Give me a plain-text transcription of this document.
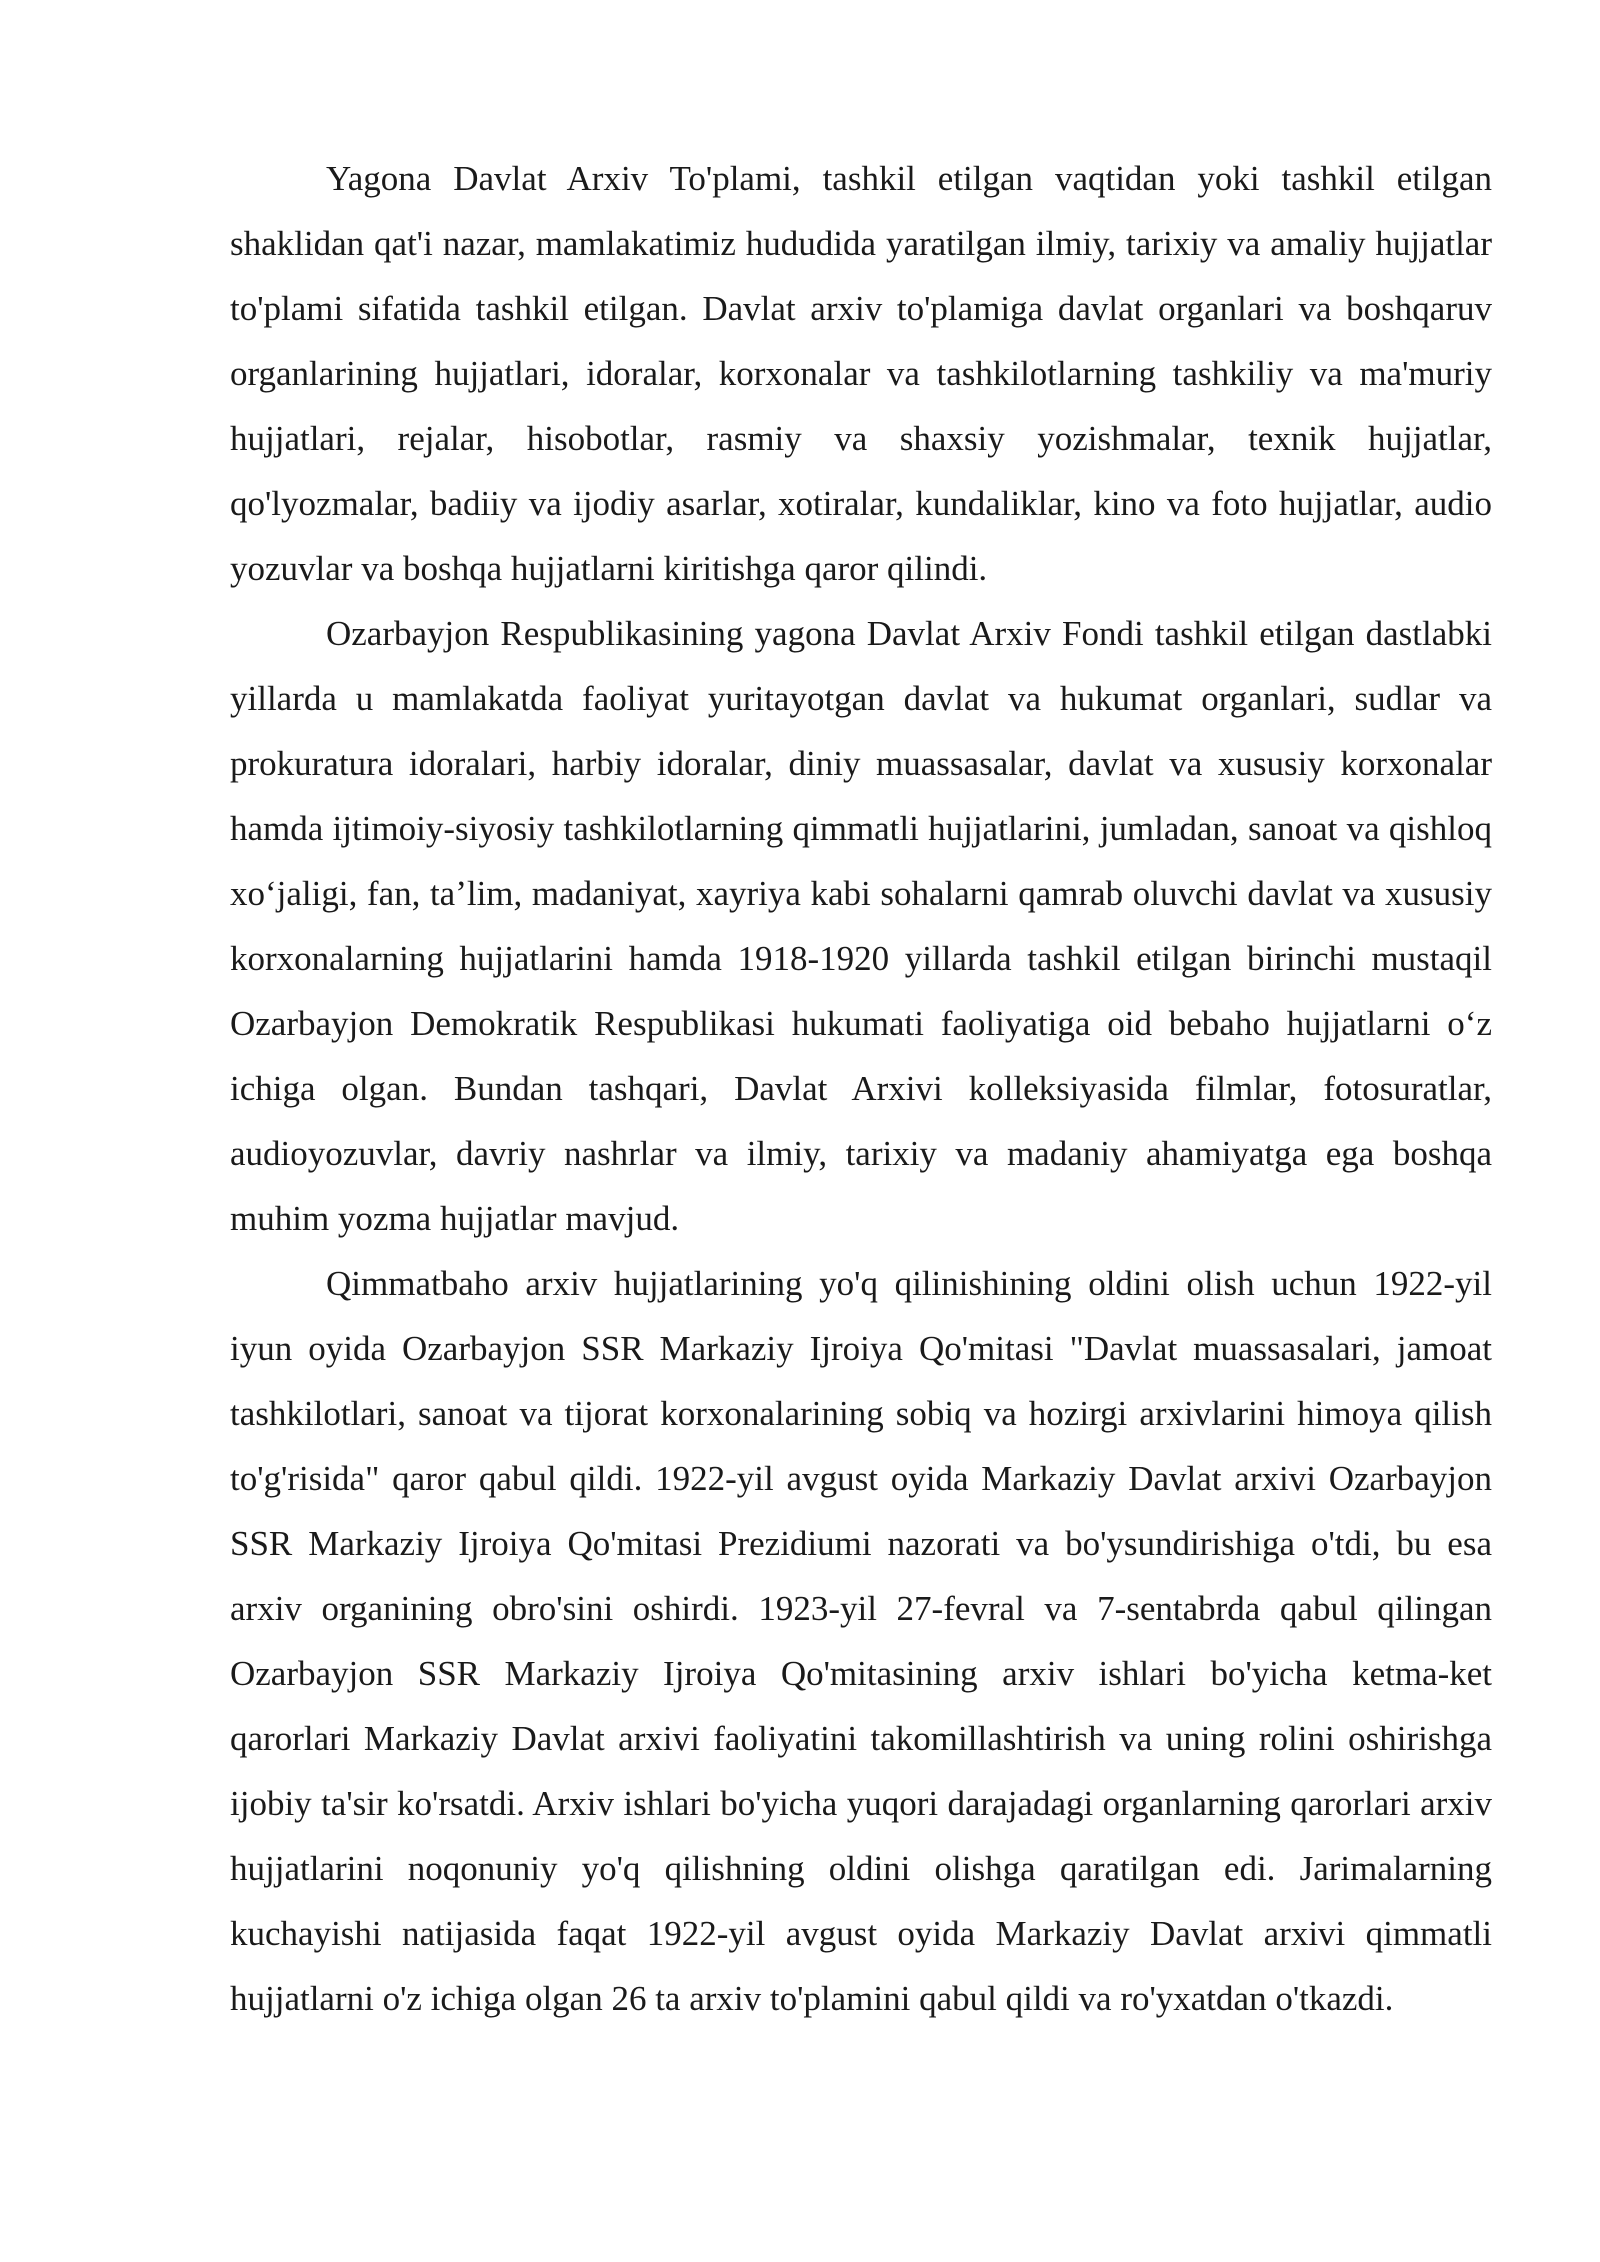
Yagona Davlat Arxiv To'plami, tashkil etilgan vaqtidan yoki tashkil etilgan shaklidan qat'i nazar, mamlakatimiz hududida yaratilgan ilmiy, tarixiy va amaliy hujjatlar to'plami sifatida tashkil etilgan. Davlat arxiv to'plamiga davlat organlari va boshqaruv organlarining hujjatlari, idoralar, korxonalar va tashkilotlarning tashkiliy va ma'muriy hujjatlari, rejalar, hisobotlar, rasmiy va shaxsiy yozishmalar, texnik hujjatlar, qo'lyozmalar, badiiy va ijodiy asarlar, xotiralar, kundaliklar, kino va foto hujjatlar, audio yozuvlar va boshqa hujjatlarni kiritishga qaror qilindi.

Ozarbayjon Respublikasining yagona Davlat Arxiv Fondi tashkil etilgan dastlabki yillarda u mamlakatda faoliyat yuritayotgan davlat va hukumat organlari, sudlar va prokuratura idoralari, harbiy idoralar, diniy muassasalar, davlat va xususiy korxonalar hamda ijtimoiy-siyosiy tashkilotlarning qimmatli hujjatlarini, jumladan, sanoat va qishloq xoʻjaligi, fan, taʼlim, madaniyat, xayriya kabi sohalarni qamrab oluvchi davlat va xususiy korxonalarning hujjatlarini hamda 1918-1920 yillarda tashkil etilgan birinchi mustaqil Ozarbayjon Demokratik Respublikasi hukumati faoliyatiga oid bebaho hujjatlarni oʻz ichiga olgan. Bundan tashqari, Davlat Arxivi kolleksiyasida filmlar, fotosuratlar, audioyozuvlar, davriy nashrlar va ilmiy, tarixiy va madaniy ahamiyatga ega boshqa muhim yozma hujjatlar mavjud.

Qimmatbaho arxiv hujjatlarining yo'q qilinishining oldini olish uchun 1922-yil iyun oyida Ozarbayjon SSR Markaziy Ijroiya Qo'mitasi "Davlat muassasalari, jamoat tashkilotlari, sanoat va tijorat korxonalarining sobiq va hozirgi arxivlarini himoya qilish to'g'risida" qaror qabul qildi. 1922-yil avgust oyida Markaziy Davlat arxivi Ozarbayjon SSR Markaziy Ijroiya Qo'mitasi Prezidiumi nazorati va bo'ysundirishiga o'tdi, bu esa arxiv organining obro'sini oshirdi. 1923-yil 27-fevral va 7-sentabrda qabul qilingan Ozarbayjon SSR Markaziy Ijroiya Qo'mitasining arxiv ishlari bo'yicha ketma-ket qarorlari Markaziy Davlat arxivi faoliyatini takomillashtirish va uning rolini oshirishga ijobiy ta'sir ko'rsatdi. Arxiv ishlari bo'yicha yuqori darajadagi organlarning qarorlari arxiv hujjatlarini noqonuniy yo'q qilishning oldini olishga qaratilgan edi. Jarimalarning kuchayishi natijasida faqat 1922-yil avgust oyida Markaziy Davlat arxivi qimmatli hujjatlarni o'z ichiga olgan 26 ta arxiv to'plamini qabul qildi va ro'yxatdan o'tkazdi.
